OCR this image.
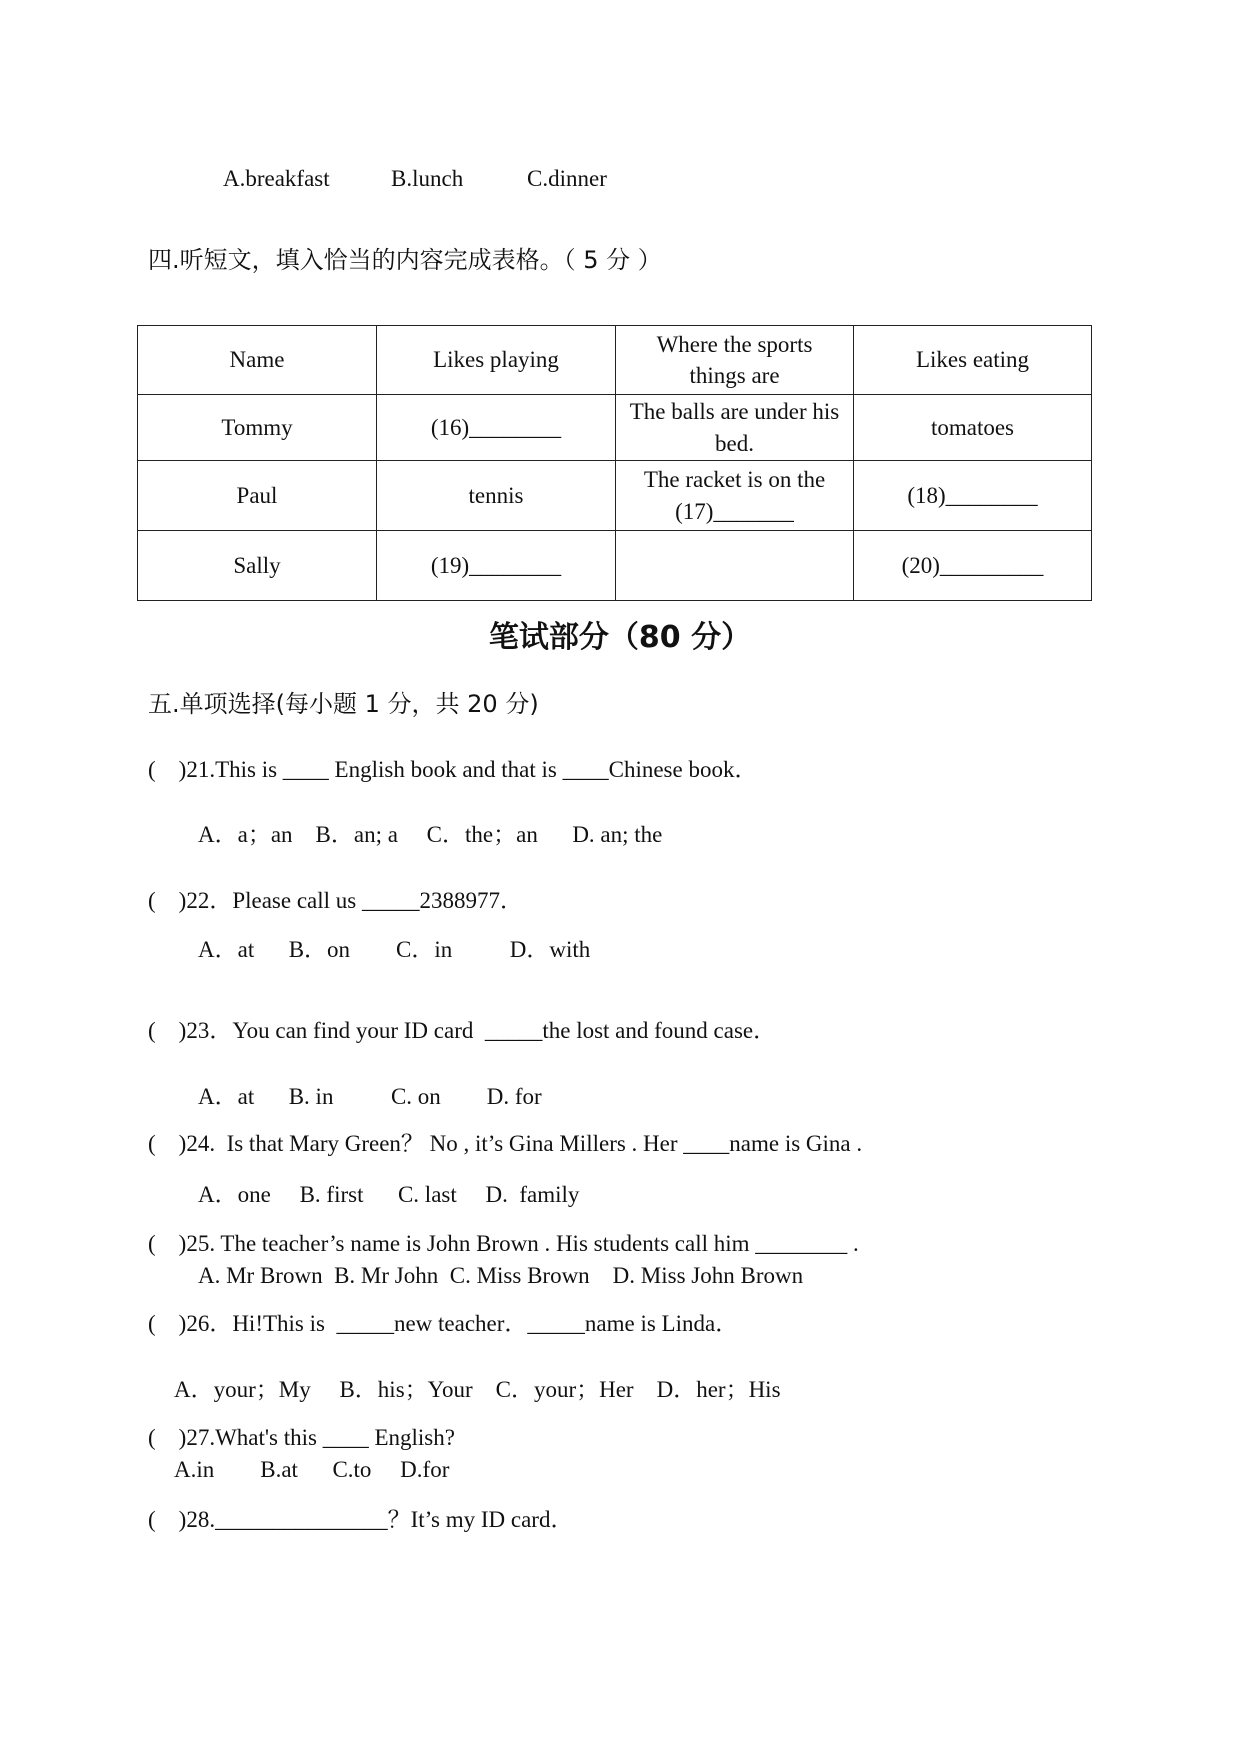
A.breakfast	B.lunch	C.dinner
四.听短文，填入恰当的内容完成表格。（ 5 分 ）
Name	Likes playing	Where the sports things are	Likes eating
Tommy	(16)________	The balls are under his bed.	tomatoes
Paul	tennis	The racket is on the (17)_______	(18)________
Sally	(19)________		(20)_________
笔试部分（80 分）
五.单项选择(每小题 1 分，共 20 分)
(    )21.This is ____ English book and that is ____Chinese book．
A．a；an    B．an; a     C．the；an      D. an; the
(    )22．Please call us _____2388977．
A．at      B．on        C．in          D．with
(    )23．You can find your ID card  _____the lost and found case．
A．at      B. in          C. on        D. for
(    )24.  Is that Mary Green？ No , it’s Gina Millers . Her ____name is Gina .
A．one     B. first      C. last     D.  family
(    )25. The teacher’s name is John Brown . His students call him ________ .
A. Mr Brown  B. Mr John  C. Miss Brown    D. Miss John Brown
(    )26．Hi!This is  _____new teacher．_____name is Linda．
A．your；My     B．his；Your    C．your；Her    D．her；His
(    )27.What's this ____ English?
A.in        B.at      C.to     D.for
(    )28._______________？It’s my ID card．
